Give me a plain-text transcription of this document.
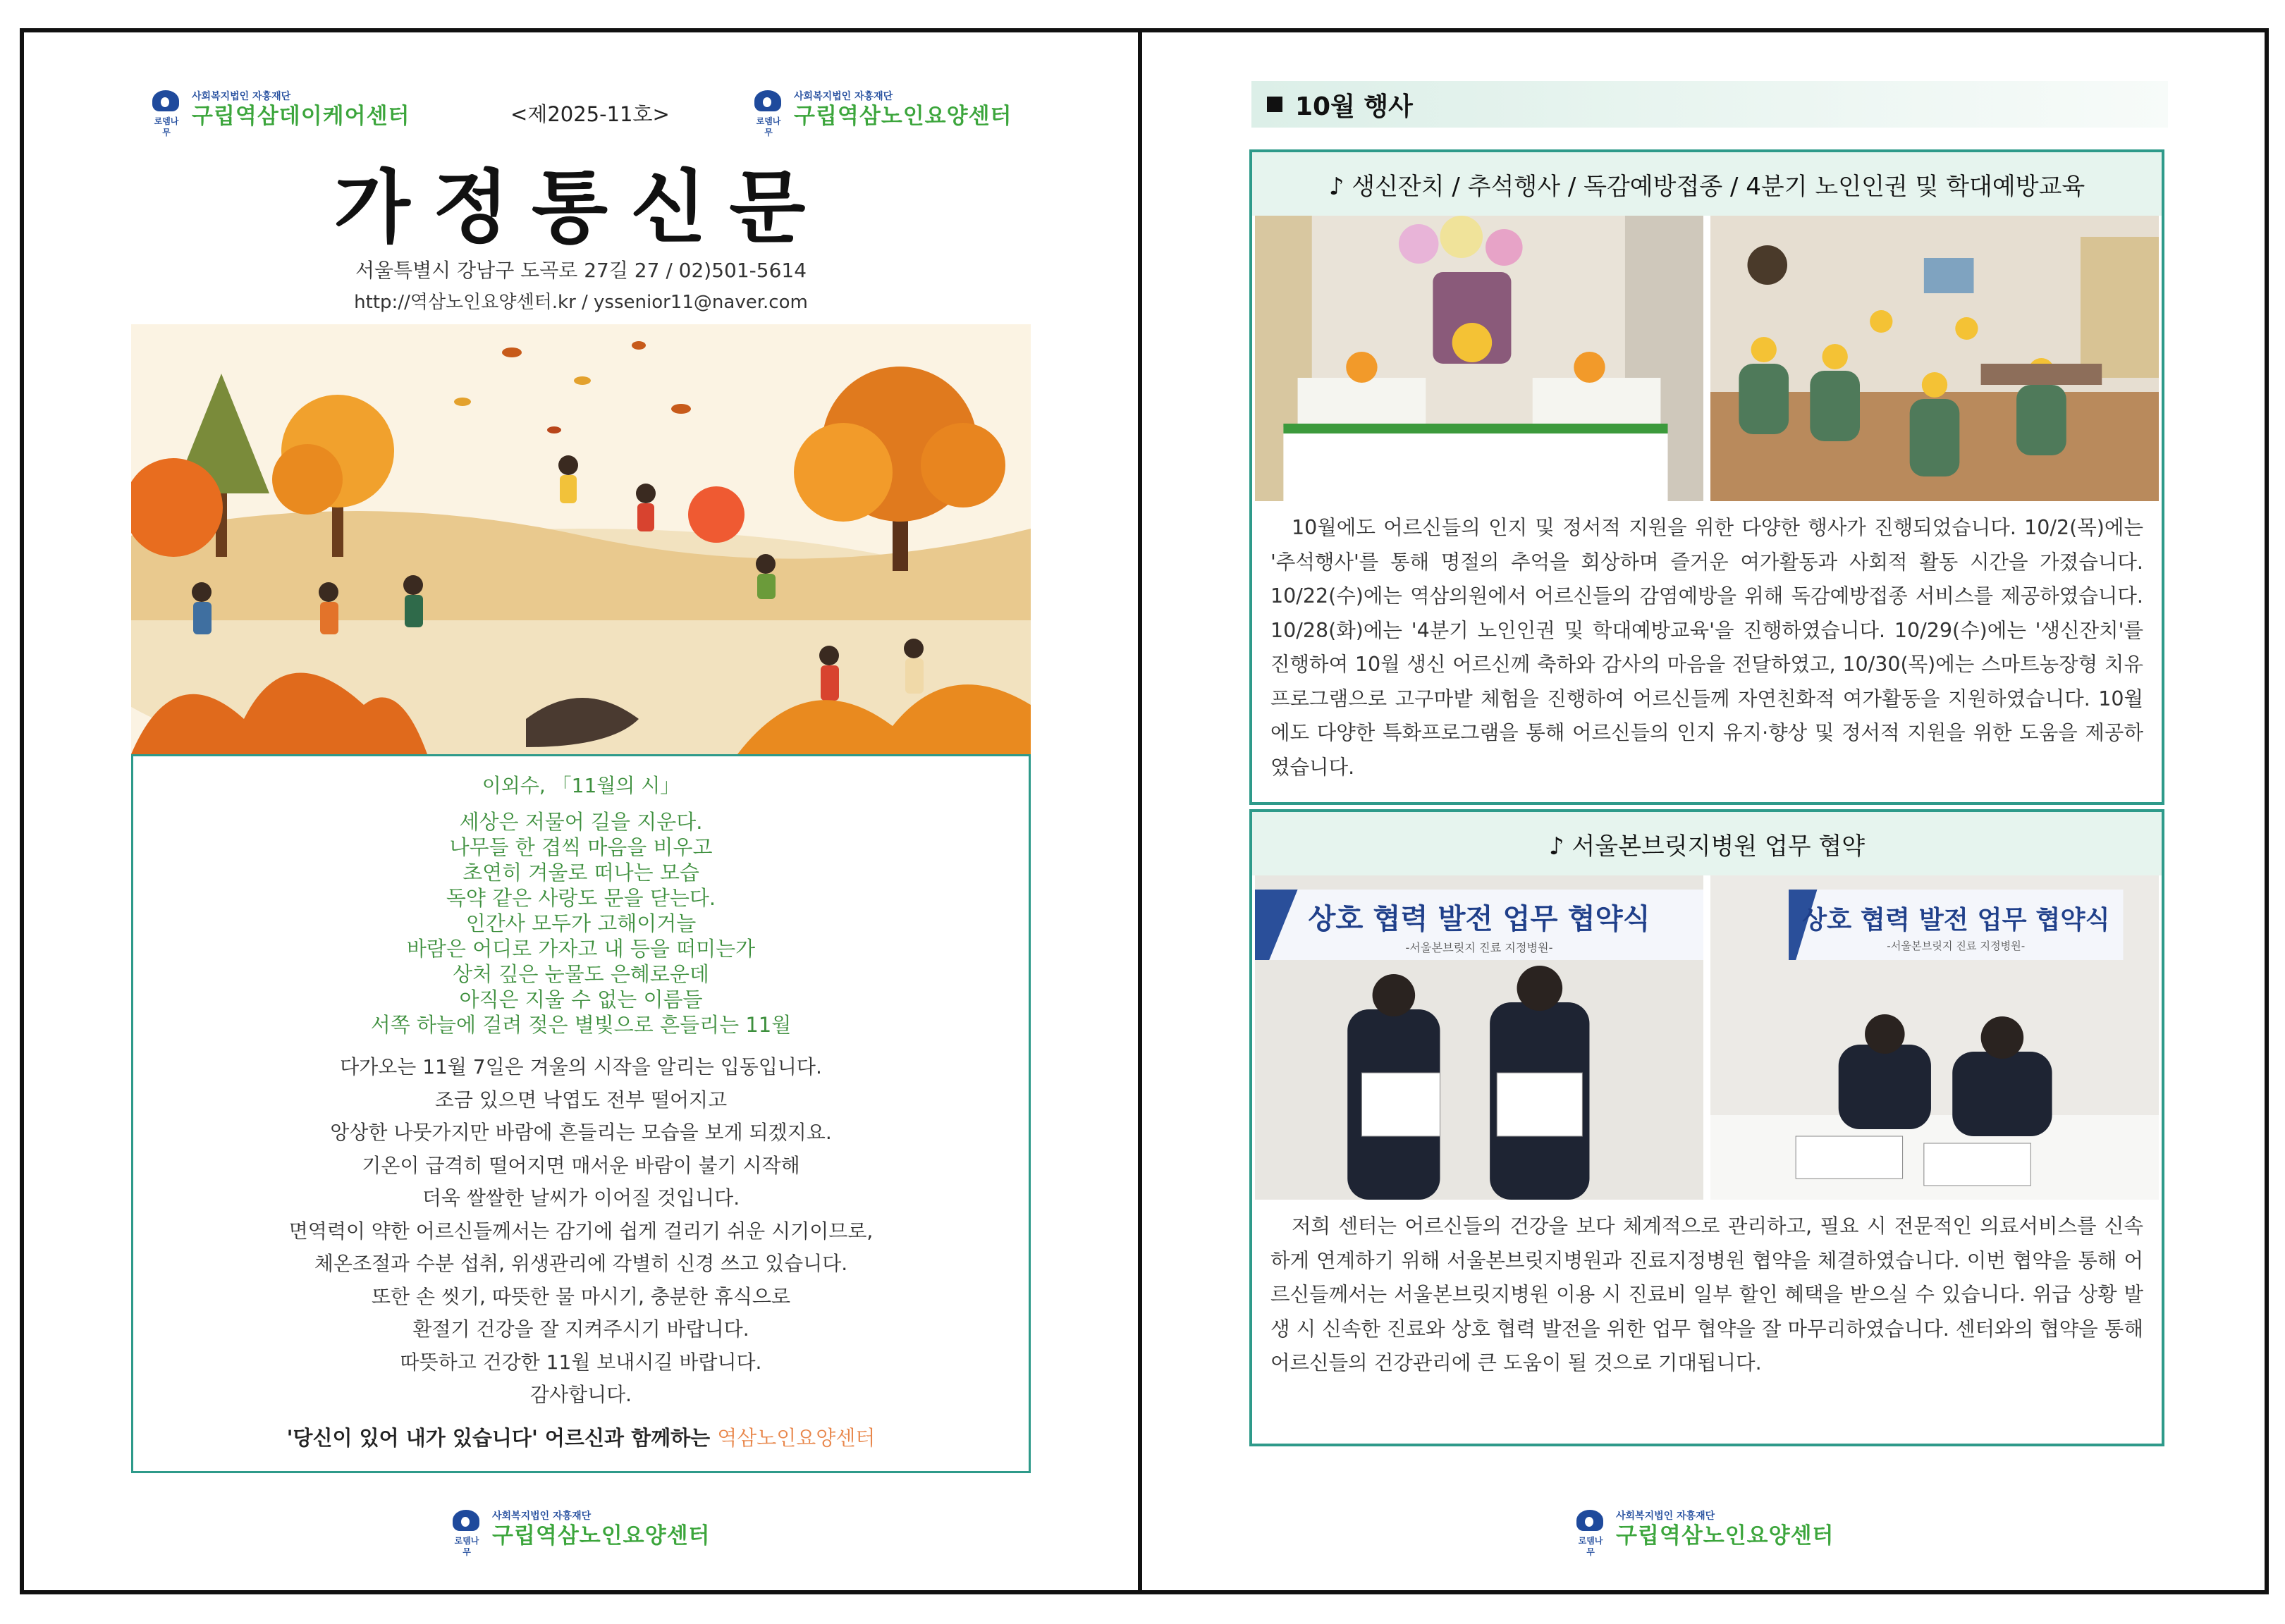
로뎀나무
사회복지법인 자흥재단
구립역삼데이케어센터	<제2025-11호>	로뎀나무
사회복지법인 자흥재단
구립역삼노인요양센터
가정통신문
서울특별시 강남구 도곡로 27길 27 / 02)501-5614
http://역삼노인요양센터.kr / yssenior11@naver.com
이외수, 「11월의 시」
세상은 저물어 길을 지운다.
나무들 한 겹씩 마음을 비우고
초연히 겨울로 떠나는 모습
독약 같은 사랑도 문을 닫는다.
인간사 모두가 고해이거늘
바람은 어디로 가자고 내 등을 떠미는가
상처 깊은 눈물도 은혜로운데
아직은 지울 수 없는 이름들
서쪽 하늘에 걸려 젖은 별빛으로 흔들리는 11월
다가오는 11월 7일은 겨울의 시작을 알리는 입동입니다.
조금 있으면 낙엽도 전부 떨어지고
앙상한 나뭇가지만 바람에 흔들리는 모습을 보게 되겠지요.
기온이 급격히 떨어지면 매서운 바람이 불기 시작해
더욱 쌀쌀한 날씨가 이어질 것입니다.
면역력이 약한 어르신들께서는 감기에 쉽게 걸리기 쉬운 시기이므로,
체온조절과 수분 섭취, 위생관리에 각별히 신경 쓰고 있습니다.
또한 손 씻기, 따뜻한 물 마시기, 충분한 휴식으로
환절기 건강을 잘 지켜주시기 바랍니다.
따뜻하고 건강한 11월 보내시길 바랍니다.
감사합니다.
'당신이 있어 내가 있습니다' 어르신과 함께하는 역삼노인요양센터
로뎀나무
사회복지법인 자흥재단
구립역삼노인요양센터
10월 행사
♪ 생신잔치 / 추석행사 / 독감예방접종 / 4분기 노인인권 및 학대예방교육
10월에도 어르신들의 인지 및 정서적 지원을 위한 다양한 행사가 진행되었습니다. 10/2(목)에는 '추석행사'를 통해 명절의 추억을 회상하며 즐거운 여가활동과 사회적 활동 시간을 가졌습니다. 10/22(수)에는 역삼의원에서 어르신들의 감염예방을 위해 독감예방접종 서비스를 제공하였습니다. 10/28(화)에는 '4분기 노인인권 및 학대예방교육'을 진행하였습니다. 10/29(수)에는 '생신잔치'를 진행하여 10월 생신 어르신께 축하와 감사의 마음을 전달하였고, 10/30(목)에는 스마트농장형 치유프로그램으로 고구마밭 체험을 진행하여 어르신들께 자연친화적 여가활동을 지원하였습니다. 10월에도 다양한 특화프로그램을 통해 어르신들의 인지 유지·향상 및 정서적 지원을 위한 도움을 제공하였습니다.
♪ 서울본브릿지병원 업무 협약
상호 협력 발전 업무 협약식
-서울본브릿지 진료 지정병원-
상호 협력 발전 업무 협약식
-서울본브릿지 진료 지정병원-
저희 센터는 어르신들의 건강을 보다 체계적으로 관리하고, 필요 시 전문적인 의료서비스를 신속하게 연계하기 위해 서울본브릿지병원과 진료지정병원 협약을 체결하였습니다. 이번 협약을 통해 어르신들께서는 서울본브릿지병원 이용 시 진료비 일부 할인 혜택을 받으실 수 있습니다. 위급 상황 발생 시 신속한 진료와 상호 협력 발전을 위한 업무 협약을 잘 마무리하였습니다. 센터와의 협약을 통해 어르신들의 건강관리에 큰 도움이 될 것으로 기대됩니다.
로뎀나무
사회복지법인 자흥재단
구립역삼노인요양센터
